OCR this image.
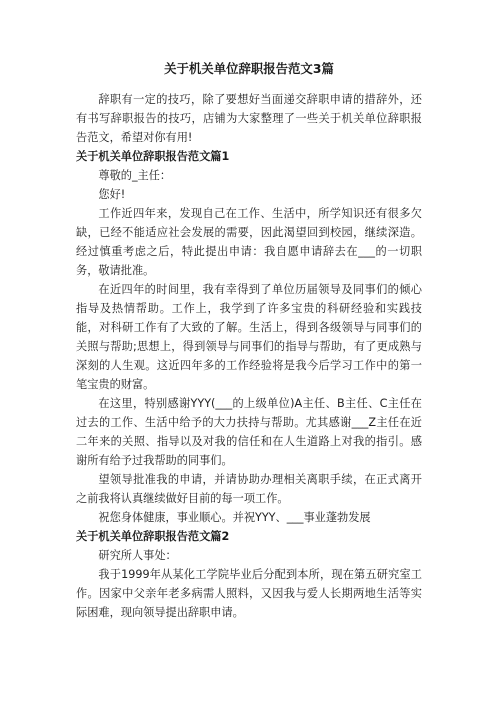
关于机关单位辞职报告范文3篇

辞职有一定的技巧，除了要想好当面递交辞职申请的措辞外，还有书写辞职报告的技巧，店铺为大家整理了一些关于机关单位辞职报告范文，希望对你有用!

关于机关单位辞职报告范文篇1

尊敬的_主任：

您好!

工作近四年来，发现自己在工作、生活中，所学知识还有很多欠缺，已经不能适应社会发展的需要，因此渴望回到校园，继续深造。经过慎重考虑之后，特此提出申请：我自愿申请辞去在___的一切职务，敬请批准。

在近四年的时间里，我有幸得到了单位历届领导及同事们的倾心指导及热情帮助。工作上，我学到了许多宝贵的科研经验和实践技能，对科研工作有了大致的了解。生活上，得到各级领导与同事们的关照与帮助;思想上，得到领导与同事们的指导与帮助，有了更成熟与深刻的人生观。这近四年多的工作经验将是我今后学习工作中的第一笔宝贵的财富。

在这里，特别感谢YYY(___的上级单位)A主任、B主任、C主任在过去的工作、生活中给予的大力扶持与帮助。尤其感谢___Z主任在近二年来的关照、指导以及对我的信任和在人生道路上对我的指引。感谢所有给予过我帮助的同事们。

望领导批准我的申请，并请协助办理相关离职手续，在正式离开之前我将认真继续做好目前的每一项工作。

祝您身体健康，事业顺心。并祝YYY、___事业蓬勃发展

关于机关单位辞职报告范文篇2

研究所人事处：

我于1999年从某化工学院毕业后分配到本所，现在第五研究室工作。因家中父亲年老多病需人照料，又因我与爱人长期两地生活等实际困难，现向领导提出辞职申请。
